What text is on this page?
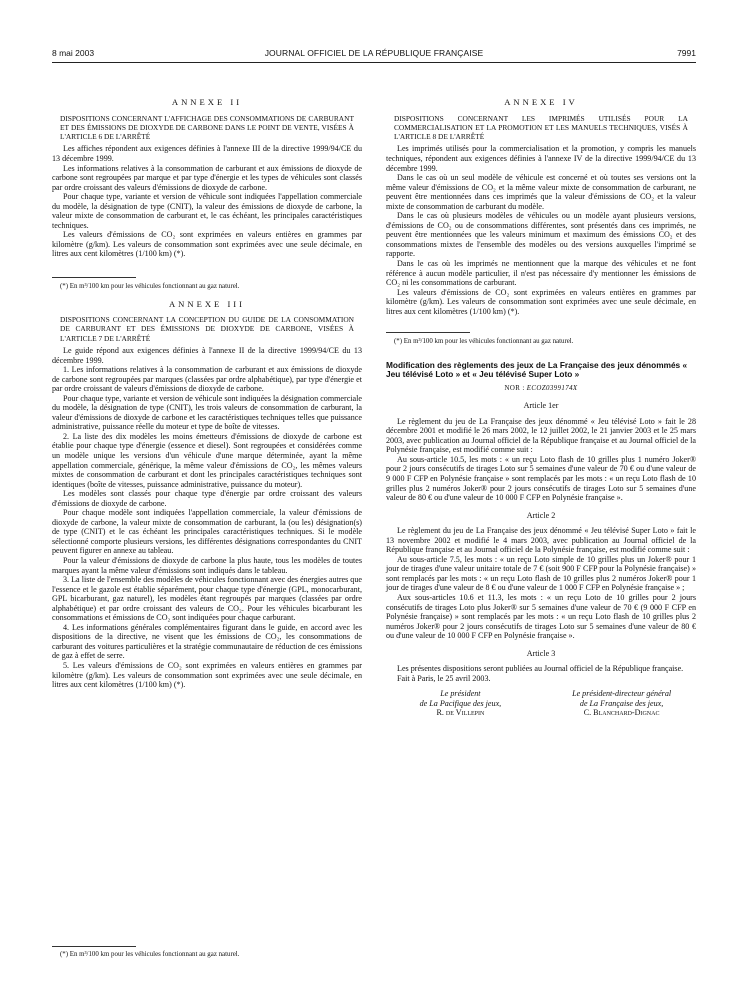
8 mai 2003	JOURNAL OFFICIEL DE LA RÉPUBLIQUE FRANÇAISE	7991

ANNEXE II

DISPOSITIONS CONCERNANT L'AFFICHAGE DES CONSOMMATIONS DE CARBURANT ET DES ÉMISSIONS DE DIOXYDE DE CARBONE DANS LE POINT DE VENTE, VISÉES À L'ARTICLE 6 DE L'ARRÊTÉ

Les affiches répondent aux exigences définies à l'annexe III de la directive 1999/94/CE du 13 décembre 1999.

Les informations relatives à la consommation de carburant et aux émissions de dioxyde de carbone sont regroupées par marque et par type d'énergie et les types de véhicules sont classés par ordre croissant des valeurs d'émissions de dioxyde de carbone.

Pour chaque type, variante et version de véhicule sont indiquées l'appellation commerciale du modèle, la désignation de type (CNIT), la valeur des émissions de dioxyde de carbone, la valeur mixte de consommation de carburant et, le cas échéant, les principales caractéristiques techniques.

Les valeurs d'émissions de CO₂ sont exprimées en valeurs entières en grammes par kilomètre (g/km). Les valeurs de consommation sont exprimées avec une seule décimale, en litres aux cent kilomètres (1/100 km) (*).

(*) En m³/100 km pour les véhicules fonctionnant au gaz naturel.

ANNEXE III

DISPOSITIONS CONCERNANT LA CONCEPTION DU GUIDE DE LA CONSOMMATION DE CARBURANT ET DES ÉMISSIONS DE DIOXYDE DE CARBONE, VISÉES À L'ARTICLE 7 DE L'ARRÊTÉ

Le guide répond aux exigences définies à l'annexe II de la directive 1999/94/CE du 13 décembre 1999.

1. Les informations relatives à la consommation de carburant et aux émissions de dioxyde de carbone sont regroupées par marques (classées par ordre alphabétique), par type d'énergie et par ordre croissant de valeurs d'émissions de dioxyde de carbone.

Pour chaque type, variante et version de véhicule sont indiquées la désignation commerciale du modèle, la désignation de type (CNIT), les trois valeurs de consommation de carburant, la valeur d'émissions de dioxyde de carbone et les caractéristiques techniques telles que puissance administrative, puissance réelle du moteur et type de boîte de vitesses.

2. La liste des dix modèles les moins émetteurs d'émissions de dioxyde de carbone est établie pour chaque type d'énergie (essence et diesel). Sont regroupées et considérées comme un modèle unique les versions d'un véhicule d'une marque déterminée, ayant la même appellation commerciale, générique, la même valeur d'émissions de CO₂, les mêmes valeurs mixtes de consommation de carburant et dont les principales caractéristiques techniques sont identiques (boîte de vitesses, puissance administrative, puissance du moteur).

Les modèles sont classés pour chaque type d'énergie par ordre croissant des valeurs d'émissions de dioxyde de carbone.

Pour chaque modèle sont indiquées l'appellation commerciale, la valeur d'émissions de dioxyde de carbone, la valeur mixte de consommation de carburant, la (ou les) désignation(s) de type (CNIT) et le cas échéant les principales caractéristiques techniques. Si le modèle sélectionné comporte plusieurs versions, les différentes désignations correspondantes du CNIT peuvent figurer en annexe au tableau.

Pour la valeur d'émissions de dioxyde de carbone la plus haute, tous les modèles de toutes marques ayant la même valeur d'émissions sont indiqués dans le tableau.

3. La liste de l'ensemble des modèles de véhicules fonctionnant avec des énergies autres que l'essence et le gazole est établie séparément, pour chaque type d'énergie (GPL, monocarburant, GPL bicarburant, gaz naturel), les modèles étant regroupés par marques (classées par ordre alphabétique) et par ordre croissant des valeurs de CO₂. Pour les véhicules bicarburant les consommations et émissions de CO₂ sont indiquées pour chaque carburant.

4. Les informations générales complémentaires figurant dans le guide, en accord avec les dispositions de la directive, ne visent que les émissions de CO₂, les consommations de carburant des voitures particulières et la stratégie communautaire de réduction de ces émissions de gaz à effet de serre.

5. Les valeurs d'émissions de CO₂ sont exprimées en valeurs entières en grammes par kilomètre (g/km). Les valeurs de consommation sont exprimées avec une seule décimale, en litres aux cent kilomètres (1/100 km) (*).

(*) En m³/100 km pour les véhicules fonctionnant au gaz naturel.

ANNEXE IV

DISPOSITIONS CONCERNANT LES IMPRIMÉS UTILISÉS POUR LA COMMERCIALISATION ET LA PROMOTION ET LES MANUELS TECHNIQUES, VISÉS À L'ARTICLE 8 DE L'ARRÊTÉ

Les imprimés utilisés pour la commercialisation et la promotion, y compris les manuels techniques, répondent aux exigences définies à l'annexe IV de la directive 1999/94/CE du 13 décembre 1999.

Dans le cas où un seul modèle de véhicule est concerné et où toutes ses versions ont la même valeur d'émissions de CO₂ et la même valeur mixte de consommation de carburant, ne peuvent être mentionnées dans ces imprimés que la valeur d'émissions de CO₂ et la valeur mixte de consommation de carburant du modèle.

Dans le cas où plusieurs modèles de véhicules ou un modèle ayant plusieurs versions, d'émissions de CO₂ ou de consommations différentes, sont présentés dans ces imprimés, ne peuvent être mentionnées que les valeurs minimum et maximum des émissions CO₂ et des consommations mixtes de l'ensemble des modèles ou des versions auxquelles l'imprimé se rapporte.

Dans le cas où les imprimés ne mentionnent que la marque des véhicules et ne font référence à aucun modèle particulier, il n'est pas nécessaire d'y mentionner les émissions de CO₂ ni les consommations de carburant.

Les valeurs d'émissions de CO₂ sont exprimées en valeurs entières en grammes par kilomètre (g/km). Les valeurs de consommation sont exprimées avec une seule décimale, en litres aux cent kilomètres (1/100 km) (*).

(*) En m³/100 km pour les véhicules fonctionnant au gaz naturel.

Modification des règlements des jeux de La Française des jeux dénommés « Jeu télévisé Loto » et « Jeu télévisé Super Loto »

NOR : ECOZ0399174X

Article 1er

Le règlement du jeu de La Française des jeux dénommé « Jeu télévisé Loto » fait le 28 décembre 2001 et modifié le 26 mars 2002, le 12 juillet 2002, le 21 janvier 2003 et le 25 mars 2003, avec publication au Journal officiel de la République française et au Journal officiel de la Polynésie française, est modifié comme suit :

Au sous-article 10.5, les mots : « un reçu Loto flash de 10 grilles plus 1 numéro Joker® pour 2 jours consécutifs de tirages Loto sur 5 semaines d'une valeur de 70 € ou d'une valeur de 9 000 F CFP en Polynésie française » sont remplacés par les mots : « un reçu Loto flash de 10 grilles plus 2 numéros Joker® pour 2 jours consécutifs de tirages Loto sur 5 semaines d'une valeur de 80 € ou d'une valeur de 10 000 F CFP en Polynésie française ».

Article 2

Le règlement du jeu de La Française des jeux dénommé « Jeu télévisé Super Loto » fait le 13 novembre 2002 et modifié le 4 mars 2003, avec publication au Journal officiel de la République française et au Journal officiel de la Polynésie française, est modifié comme suit :

Au sous-article 7.5, les mots : « un reçu Loto simple de 10 grilles plus un Joker® pour 1 jour de tirages d'une valeur unitaire totale de 7 € (soit 900 F CFP pour la Polynésie française) » sont remplacés par les mots : « un reçu Loto flash de 10 grilles plus 2 numéros Joker® pour 1 jour de tirages d'une valeur de 8 € ou d'une valeur de 1 000 F CFP en Polynésie française » ;

Aux sous-articles 10.6 et 11.3, les mots : « un reçu Loto de 10 grilles pour 2 jours consécutifs de tirages Loto plus Joker® sur 5 semaines d'une valeur de 70 € (9 000 F CFP en Polynésie française) » sont remplacés par les mots : « un reçu Loto flash de 10 grilles plus 2 numéros Joker® pour 2 jours consécutifs de tirages Loto sur 5 semaines d'une valeur de 80 € ou d'une valeur de 10 000 F CFP en Polynésie française ».

Article 3

Les présentes dispositions seront publiées au Journal officiel de la République française.

Fait à Paris, le 25 avril 2003.

Le président
de La Pacifique des jeux,
R. de Villepin
Le président-directeur général
de La Française des jeux,
C. Blanchard-Dignac
